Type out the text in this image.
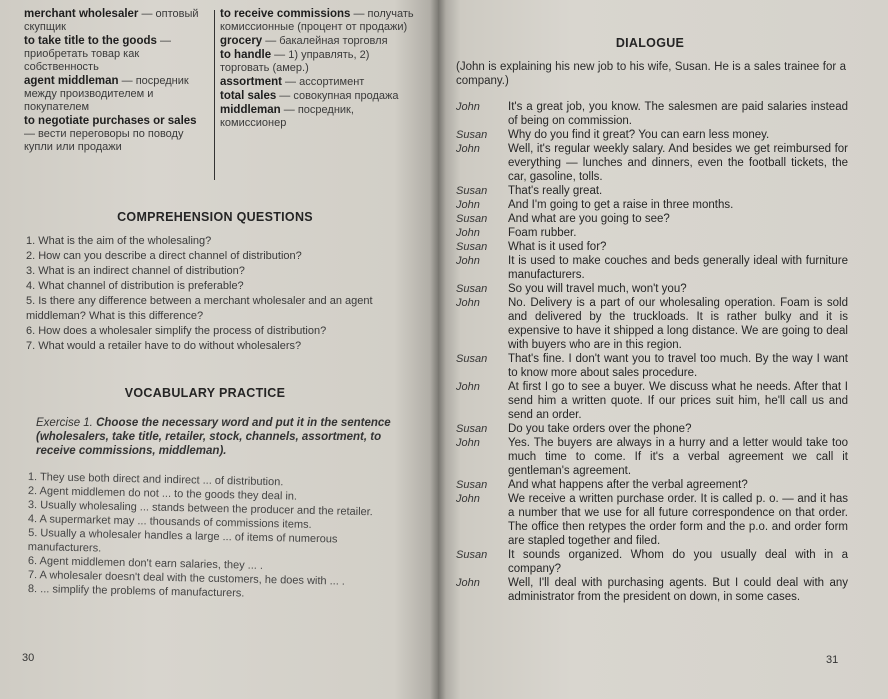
merchant wholesaler — оптовый скупщик
to take title to the goods — приобретать товар как собственность
agent middleman — посредник между производителем и покупателем
to negotiate purchases or sales — вести переговоры по поводу купли или продажи
to receive commissions — получать комиссионные (процент от продажи)
grocery — бакалейная торговля
to handle — 1) управлять, 2) торговать (амер.)
assortment — ассортимент
total sales — совокупная продажа
middleman — посредник, комиссионер
COMPREHENSION QUESTIONS
1. What is the aim of the wholesaling?
2. How can you describe a direct channel of distribution?
3. What is an indirect channel of distribution?
4. What channel of distribution is preferable?
5. Is there any difference between a merchant wholesaler and an agent middleman? What is this difference?
6. How does a wholesaler simplify the process of distribution?
7. What would a retailer have to do without wholesalers?
VOCABULARY PRACTICE
Exercise 1. Choose the necessary word and put it in the sentence (wholesalers, take title, retailer, stock, channels, assortment, to receive commissions, middleman).
1. They use both direct and indirect ... of distribution.
2. Agent middlemen do not ... to the goods they deal in.
3. Usually wholesaling ... stands between the producer and the retailer.
4. A supermarket may ... thousands of commissions items.
5. Usually a wholesaler handles a large ... of items of numerous manufacturers.
6. Agent middlemen don't earn salaries, they ... .
7. A wholesaler doesn't deal with the customers, he does with ... .
8. ... simplify the problems of manufacturers.
30
DIALOGUE
(John is explaining his new job to his wife, Susan. He is a sales trainee for a company.)
John	It's a great job, you know. The salesmen are paid salaries instead of being on commission.
Susan	Why do you find it great? You can earn less money.
John	Well, it's regular weekly salary. And besides we get reimbursed for everything — lunches and dinners, even the football tickets, the car, gasoline, tolls.
Susan	That's really great.
John	And I'm going to get a raise in three months.
Susan	And what are you going to see?
John	Foam rubber.
Susan	What is it used for?
John	It is used to make couches and beds generally ideal with furniture manufacturers.
Susan	So you will travel much, won't you?
John	No. Delivery is a part of our wholesaling operation. Foam is sold and delivered by the truckloads. It is rather bulky and it is expensive to have it shipped a long distance. We are going to deal with buyers who are in this region.
Susan	That's fine. I don't want you to travel too much. By the way I want to know more about sales procedure.
John	At first I go to see a buyer. We discuss what he needs. After that I send him a written quote. If our prices suit him, he'll call us and send an order.
Susan	Do you take orders over the phone?
John	Yes. The buyers are always in a hurry and a letter would take too much time to come. If it's a verbal agreement we call it gentleman's agreement.
Susan	And what happens after the verbal agreement?
John	We receive a written purchase order. It is called p. o. — and it has a number that we use for all future correspondence on that order. The office then retypes the order form and the p.o. and order form are stapled together and filed.
Susan	It sounds organized. Whom do you usually deal with in a company?
John	Well, I'll deal with purchasing agents. But I could deal with any administrator from the president on down, in some cases.
31
